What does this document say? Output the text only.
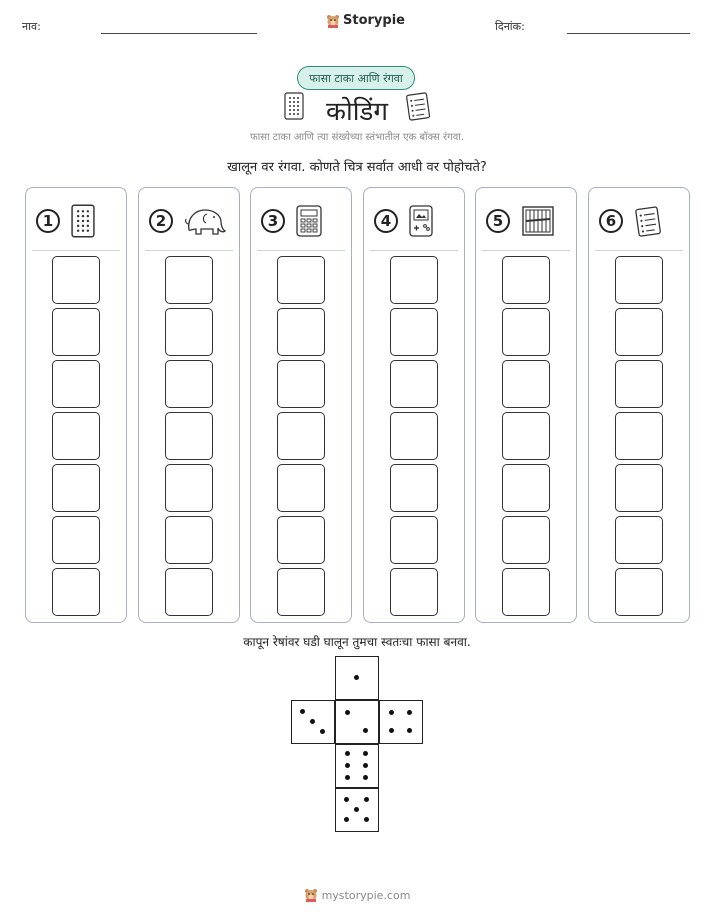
नाव:	Storypie	दिनांक:
फासा टाका आणि रंगवा
कोडिंग
फासा टाका आणि त्या संख्येच्या स्तंभातील एक बॉक्स रंगवा.
खालून वर रंगवा. कोणते चित्र सर्वात आधी वर पोहोचते?
1	2	3	4	5	6
कापून रेषांवर घडी घालून तुमचा स्वतःचा फासा बनवा.
mystorypie.com
